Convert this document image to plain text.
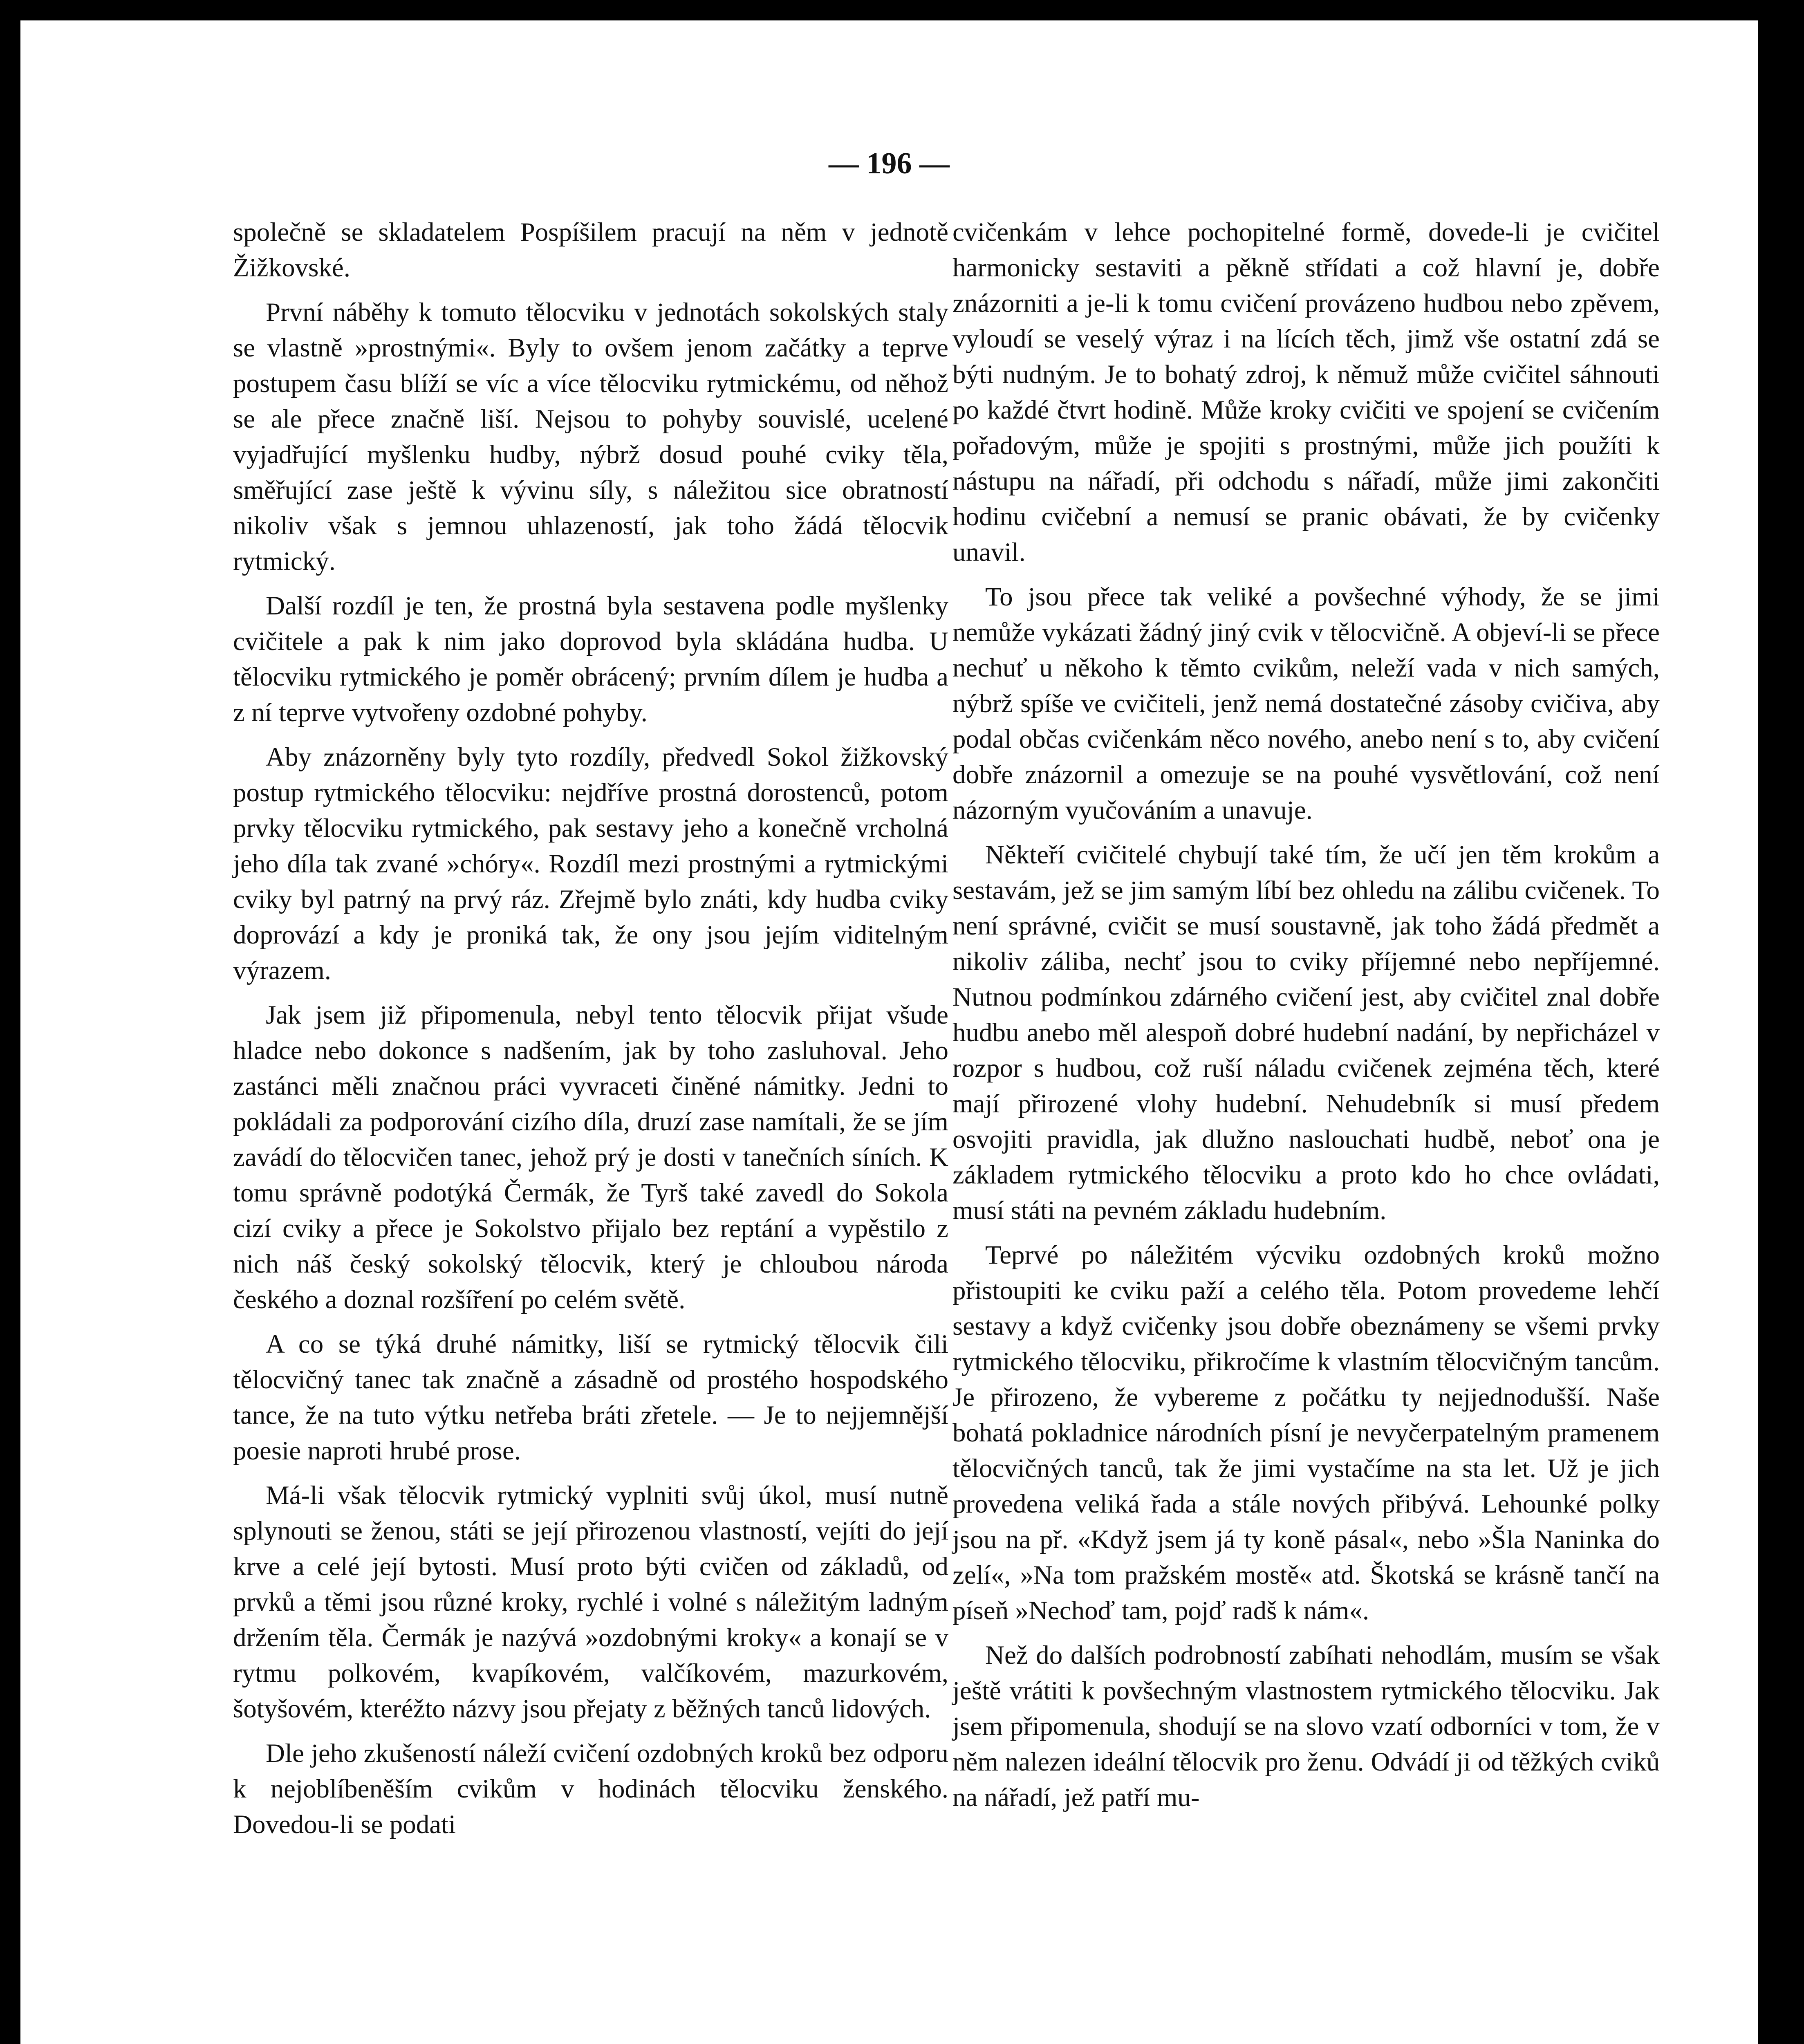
— 196 —

společně se skladatelem Pospíšilem pracují na něm v jednotě Žižkovské.

První náběhy k tomuto tělocviku v jednotách sokolských staly se vlastně »prostnými«. Byly to ovšem jenom začátky a teprve postupem času blíží se víc a více tělocviku rytmickému, od něhož se ale přece značně liší. Nejsou to pohyby souvislé, ucelené vyjadřující myšlenku hudby, nýbrž dosud pouhé cviky těla, směřující zase ještě k vývinu síly, s náležitou sice obratností nikoliv však s jemnou uhlazeností, jak toho žádá tělocvik rytmický.

Další rozdíl je ten, že prostná byla sestavena podle myšlenky cvičitele a pak k nim jako doprovod byla skládána hudba. U tělocviku rytmického je poměr obrácený; prvním dílem je hudba a z ní teprve vytvořeny ozdobné pohyby.

Aby znázorněny byly tyto rozdíly, předvedl Sokol žižkovský postup rytmického tělocviku: nejdříve prostná dorostenců, potom prvky tělocviku rytmického, pak sestavy jeho a konečně vrcholná jeho díla tak zvané »chóry«. Rozdíl mezi prostnými a rytmickými cviky byl patrný na prvý ráz. Zřejmě bylo znáti, kdy hudba cviky doprovází a kdy je proniká tak, že ony jsou jejím viditelným výrazem.

Jak jsem již připomenula, nebyl tento tělocvik přijat všude hladce nebo dokonce s nadšením, jak by toho zasluhoval. Jeho zastánci měli značnou práci vyvraceti činěné námitky. Jedni to pokládali za podporování cizího díla, druzí zase namítali, že se jím zavádí do tělocvičen tanec, jehož prý je dosti v tanečních síních. K tomu správně podotýká Čermák, že Tyrš také zavedl do Sokola cizí cviky a přece je Sokolstvo přijalo bez reptání a vypěstilo z nich náš český sokolský tělocvik, který je chloubou národa českého a doznal rozšíření po celém světě.

A co se týká druhé námitky, liší se rytmický tělocvik čili tělocvičný tanec tak značně a zásadně od prostého hospodského tance, že na tuto výtku netřeba bráti zřetele. — Je to nejjemnější poesie naproti hrubé prose.

Má-li však tělocvik rytmický vyplniti svůj úkol, musí nutně splynouti se ženou, státi se její přirozenou vlastností, vejíti do její krve a celé její bytosti. Musí proto býti cvičen od základů, od prvků a těmi jsou různé kroky, rychlé i volné s náležitým ladným držením těla. Čermák je nazývá »ozdobnými kroky« a konají se v rytmu polkovém, kvapíkovém, valčíkovém, mazurkovém, šotyšovém, kteréžto názvy jsou přejaty z běžných tanců lidových.

Dle jeho zkušeností náleží cvičení ozdobných kroků bez odporu k nejoblíbeněším cvikům v hodinách tělocviku ženského. Dovedou-li se podati

cvičenkám v lehce pochopitelné formě, dovede-li je cvičitel harmonicky sestaviti a pěkně střídati a což hlavní je, dobře znázorniti a je-li k tomu cvičení provázeno hudbou nebo zpěvem, vyloudí se veselý výraz i na lících těch, jimž vše ostatní zdá se býti nudným. Je to bohatý zdroj, k němuž může cvičitel sáhnouti po každé čtvrt hodině. Může kroky cvičiti ve spojení se cvičením pořadovým, může je spojiti s prostnými, může jich použíti k nástupu na nářadí, při odchodu s nářadí, může jimi zakončiti hodinu cvičební a nemusí se pranic obávati, že by cvičenky unavil.

To jsou přece tak veliké a povšechné výhody, že se jimi nemůže vykázati žádný jiný cvik v tělocvičně. A objeví-li se přece nechuť u někoho k těmto cvikům, neleží vada v nich samých, nýbrž spíše ve cvičiteli, jenž nemá dostatečné zásoby cvičiva, aby podal občas cvičenkám něco nového, anebo není s to, aby cvičení dobře znázornil a omezuje se na pouhé vysvětlování, což není názorným vyučováním a unavuje.

Někteří cvičitelé chybují také tím, že učí jen těm krokům a sestavám, jež se jim samým líbí bez ohledu na zálibu cvičenek. To není správné, cvičit se musí soustavně, jak toho žádá předmět a nikoliv záliba, nechť jsou to cviky příjemné nebo nepříjemné. Nutnou podmínkou zdárného cvičení jest, aby cvičitel znal dobře hudbu anebo měl alespoň dobré hudební nadání, by nepřicházel v rozpor s hudbou, což ruší náladu cvičenek zejména těch, které mají přirozené vlohy hudební. Nehudebník si musí předem osvojiti pravidla, jak dlužno naslouchati hudbě, neboť ona je základem rytmického tělocviku a proto kdo ho chce ovládati, musí státi na pevném základu hudebním.

Teprvé po náležitém výcviku ozdobných kroků možno přistoupiti ke cviku paží a celého těla. Potom provedeme lehčí sestavy a když cvičenky jsou dobře obeznámeny se všemi prvky rytmického tělocviku, přikročíme k vlastním tělocvičným tancům. Je přirozeno, že vybereme z počátku ty nejjednodušší. Naše bohatá pokladnice národních písní je nevyčerpatelným pramenem tělocvičných tanců, tak že jimi vystačíme na sta let. Už je jich provedena veliká řada a stále nových přibývá. Lehounké polky jsou na př. «Když jsem já ty koně pásal«, nebo »Šla Naninka do zelí«, »Na tom pražském mostě« atd. Škotská se krásně tančí na píseň »Nechoď tam, pojď radš k nám«.

Než do dalších podrobností zabíhati nehodlám, musím se však ještě vrátiti k povšechným vlastnostem rytmického tělocviku. Jak jsem připomenula, shodují se na slovo vzatí odborníci v tom, že v něm nalezen ideální tělocvik pro ženu. Odvádí ji od těžkých cviků na nářadí, jež patří mu-
